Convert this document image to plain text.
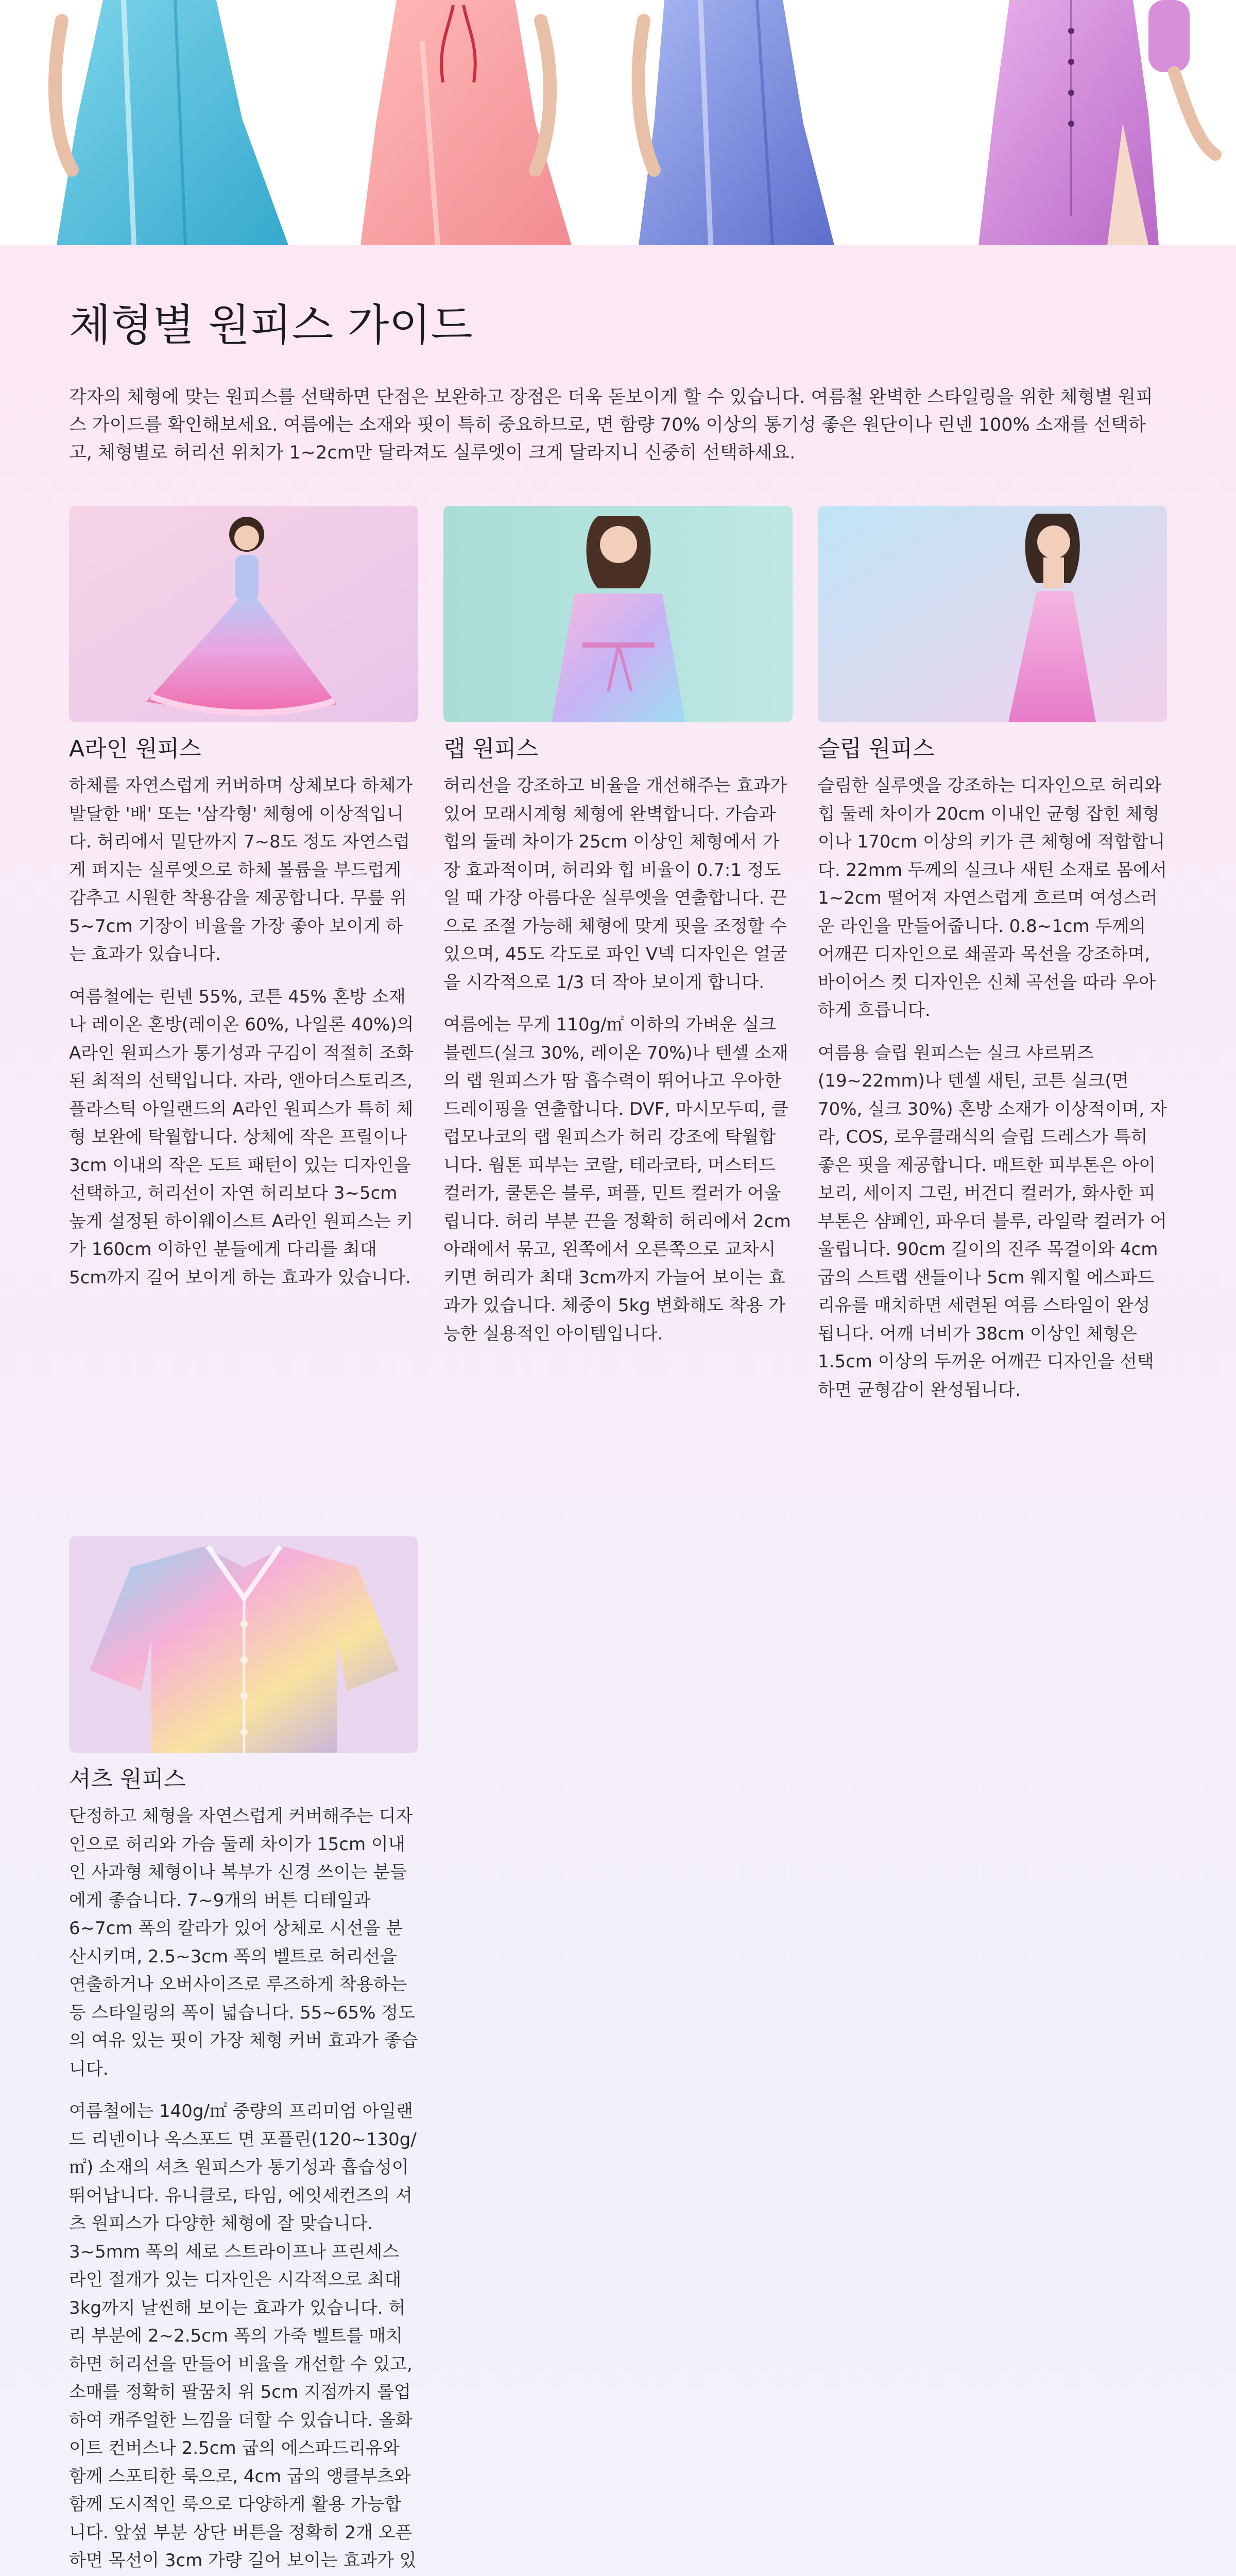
체형별 원피스 가이드

각자의 체형에 맞는 원피스를 선택하면 단점은 보완하고 장점은 더욱 돋보이게 할 수 있습니다. 여름철 완벽한 스타일링을 위한 체형별 원피스 가이드를 확인해보세요. 여름에는 소재와 핏이 특히 중요하므로, 면 함량 70% 이상의 통기성 좋은 원단이나 린넨 100% 소재를 선택하고, 체형별로 허리선 위치가 1~2cm만 달라져도 실루엣이 크게 달라지니 신중히 선택하세요.

A라인 원피스

하체를 자연스럽게 커버하며 상체보다 하체가 발달한 '배' 또는 '삼각형' 체형에 이상적입니다. 허리에서 밑단까지 7~8도 정도 자연스럽게 퍼지는 실루엣으로 하체 볼륨을 부드럽게 감추고 시원한 착용감을 제공합니다. 무릎 위 5~7cm 기장이 비율을 가장 좋아 보이게 하는 효과가 있습니다.

여름철에는 린넨 55%, 코튼 45% 혼방 소재나 레이온 혼방(레이온 60%, 나일론 40%)의 A라인 원피스가 통기성과 구김이 적절히 조화된 최적의 선택입니다. 자라, 앤아더스토리즈, 플라스틱 아일랜드의 A라인 원피스가 특히 체형 보완에 탁월합니다. 상체에 작은 프릴이나 3cm 이내의 작은 도트 패턴이 있는 디자인을 선택하고, 허리선이 자연 허리보다 3~5cm 높게 설정된 하이웨이스트 A라인 원피스는 키가 160cm 이하인 분들에게 다리를 최대 5cm까지 길어 보이게 하는 효과가 있습니다.

랩 원피스

허리선을 강조하고 비율을 개선해주는 효과가 있어 모래시계형 체형에 완벽합니다. 가슴과 힙의 둘레 차이가 25cm 이상인 체형에서 가장 효과적이며, 허리와 힙 비율이 0.7:1 정도일 때 가장 아름다운 실루엣을 연출합니다. 끈으로 조절 가능해 체형에 맞게 핏을 조정할 수 있으며, 45도 각도로 파인 V넥 디자인은 얼굴을 시각적으로 1/3 더 작아 보이게 합니다.

여름에는 무게 110g/㎡ 이하의 가벼운 실크 블렌드(실크 30%, 레이온 70%)나 텐셀 소재의 랩 원피스가 땀 흡수력이 뛰어나고 우아한 드레이핑을 연출합니다. DVF, 마시모두띠, 클럽모나코의 랩 원피스가 허리 강조에 탁월합니다. 웜톤 피부는 코랄, 테라코타, 머스터드 컬러가, 쿨톤은 블루, 퍼플, 민트 컬러가 어울립니다. 허리 부분 끈을 정확히 허리에서 2cm 아래에서 묶고, 왼쪽에서 오른쪽으로 교차시키면 허리가 최대 3cm까지 가늘어 보이는 효과가 있습니다. 체중이 5kg 변화해도 착용 가능한 실용적인 아이템입니다.

슬립 원피스

슬림한 실루엣을 강조하는 디자인으로 허리와 힙 둘레 차이가 20cm 이내인 균형 잡힌 체형이나 170cm 이상의 키가 큰 체형에 적합합니다. 22mm 두께의 실크나 새틴 소재로 몸에서 1~2cm 떨어져 자연스럽게 흐르며 여성스러운 라인을 만들어줍니다. 0.8~1cm 두께의 어깨끈 디자인으로 쇄골과 목선을 강조하며, 바이어스 컷 디자인은 신체 곡선을 따라 우아하게 흐릅니다.

여름용 슬립 원피스는 실크 샤르뮈즈(19~22mm)나 텐셀 새틴, 코튼 실크(면 70%, 실크 30%) 혼방 소재가 이상적이며, 자라, COS, 로우클래식의 슬립 드레스가 특히 좋은 핏을 제공합니다. 매트한 피부톤은 아이보리, 세이지 그린, 버건디 컬러가, 화사한 피부톤은 샴페인, 파우더 블루, 라일락 컬러가 어울립니다. 90cm 길이의 진주 목걸이와 4cm 굽의 스트랩 샌들이나 5cm 웨지힐 에스파드리유를 매치하면 세련된 여름 스타일이 완성됩니다. 어깨 너비가 38cm 이상인 체형은 1.5cm 이상의 두꺼운 어깨끈 디자인을 선택하면 균형감이 완성됩니다.

셔츠 원피스

단정하고 체형을 자연스럽게 커버해주는 디자인으로 허리와 가슴 둘레 차이가 15cm 이내인 사과형 체형이나 복부가 신경 쓰이는 분들에게 좋습니다. 7~9개의 버튼 디테일과 6~7cm 폭의 칼라가 있어 상체로 시선을 분산시키며, 2.5~3cm 폭의 벨트로 허리선을 연출하거나 오버사이즈로 루즈하게 착용하는 등 스타일링의 폭이 넓습니다. 55~65% 정도의 여유 있는 핏이 가장 체형 커버 효과가 좋습니다.

여름철에는 140g/㎡ 중량의 프리미엄 아일랜드 리넨이나 옥스포드 면 포플린(120~130g/㎡) 소재의 셔츠 원피스가 통기성과 흡습성이 뛰어납니다. 유니클로, 타임, 에잇세컨즈의 셔츠 원피스가 다양한 체형에 잘 맞습니다. 3~5mm 폭의 세로 스트라이프나 프린세스 라인 절개가 있는 디자인은 시각적으로 최대 3kg까지 날씬해 보이는 효과가 있습니다. 허리 부분에 2~2.5cm 폭의 가죽 벨트를 매치하면 허리선을 만들어 비율을 개선할 수 있고, 소매를 정확히 팔꿈치 위 5cm 지점까지 롤업하여 캐주얼한 느낌을 더할 수 있습니다. 올화이트 컨버스나 2.5cm 굽의 에스파드리유와 함께 스포티한 룩으로, 4cm 굽의 앵클부츠와 함께 도시적인 룩으로 다양하게 활용 가능합니다. 앞섶 부분 상단 버튼을 정확히 2개 오픈하면 목선이 3cm 가량 길어 보이는 효과가 있
